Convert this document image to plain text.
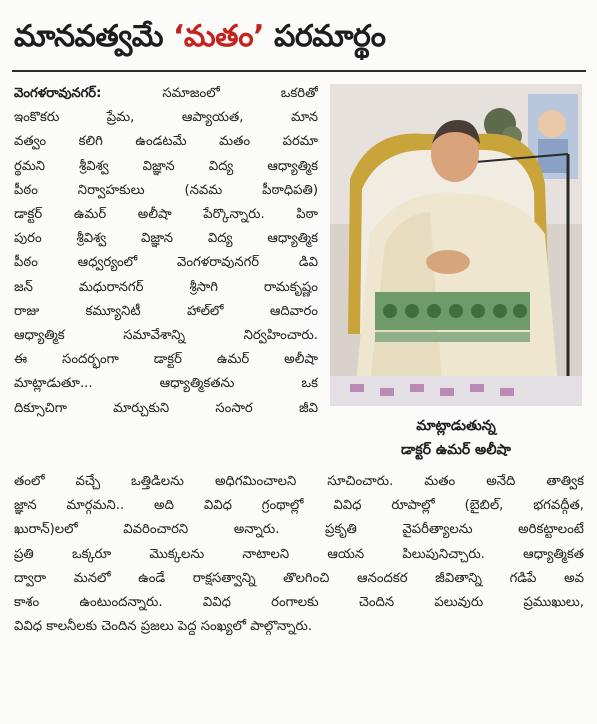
మానవత్వమే ‘మతం’ పరమార్థం
వెంగళరావునగర్: సమాజంలో ఒకరితో
ఇంకొకరు ప్రేమ, ఆప్యాయత, మాన
వత్వం కలిగి ఉండటమే మతం పరమా
ర్థమని శ్రీవిశ్వ విజ్ఞాన విద్య ఆధ్యాత్మిక
పీఠం నిర్వాహకులు (నవమ పీఠాధిపతి)
డాక్టర్ ఉమర్ అలీషా పేర్కొన్నారు. పిఠా
పురం శ్రీవిశ్వ విజ్ఞాన విద్య ఆధ్యాత్మిక
పీఠం ఆధ్వర్యంలో వెంగళరావునగర్ డివి
జన్ మధురానగర్ శ్రీసాగి రామకృష్ణం
రాజు కమ్యూనిటీ హాల్‌లో ఆదివారం
ఆధ్యాత్మిక సమావేశాన్ని నిర్వహించారు.
ఈ సందర్భంగా డాక్టర్ ఉమర్ అలీషా
మాట్లాడుతూ... ఆధ్యాత్మికతను ఒక
దిక్సూచిగా మార్చుకుని సంసార జీవి
మాట్లాడుతున్న
డాక్టర్ ఉమర్ అలీషా
తంలో వచ్చే ఒత్తిడిలను అధిగమించాలని సూచించారు. మతం అనేది తాత్విక
జ్ఞాన మార్గమని.. అది వివిధ గ్రంథాల్లో వివిధ రూపాల్లో (బైబిల్, భగవద్గీత,
ఖురాన్)లలో వివరించారని అన్నారు. ప్రకృతి వైపరీత్యాలను అరికట్టాలంటే
ప్రతి ఒక్కరూ మొక్కలను నాటాలని ఆయన పిలుపునిచ్చారు. ఆధ్యాత్మికత
ద్వారా మనలో ఉండే రాక్షసత్వాన్ని తొలగించి ఆనందకర జీవితాన్ని గడిపే అవ
కాశం ఉంటుందన్నారు. వివిధ రంగాలకు చెందిన పలువురు ప్రముఖులు,
వివిధ కాలనీలకు చెందిన ప్రజలు పెద్ద సంఖ్యలో పాల్గొన్నారు.
